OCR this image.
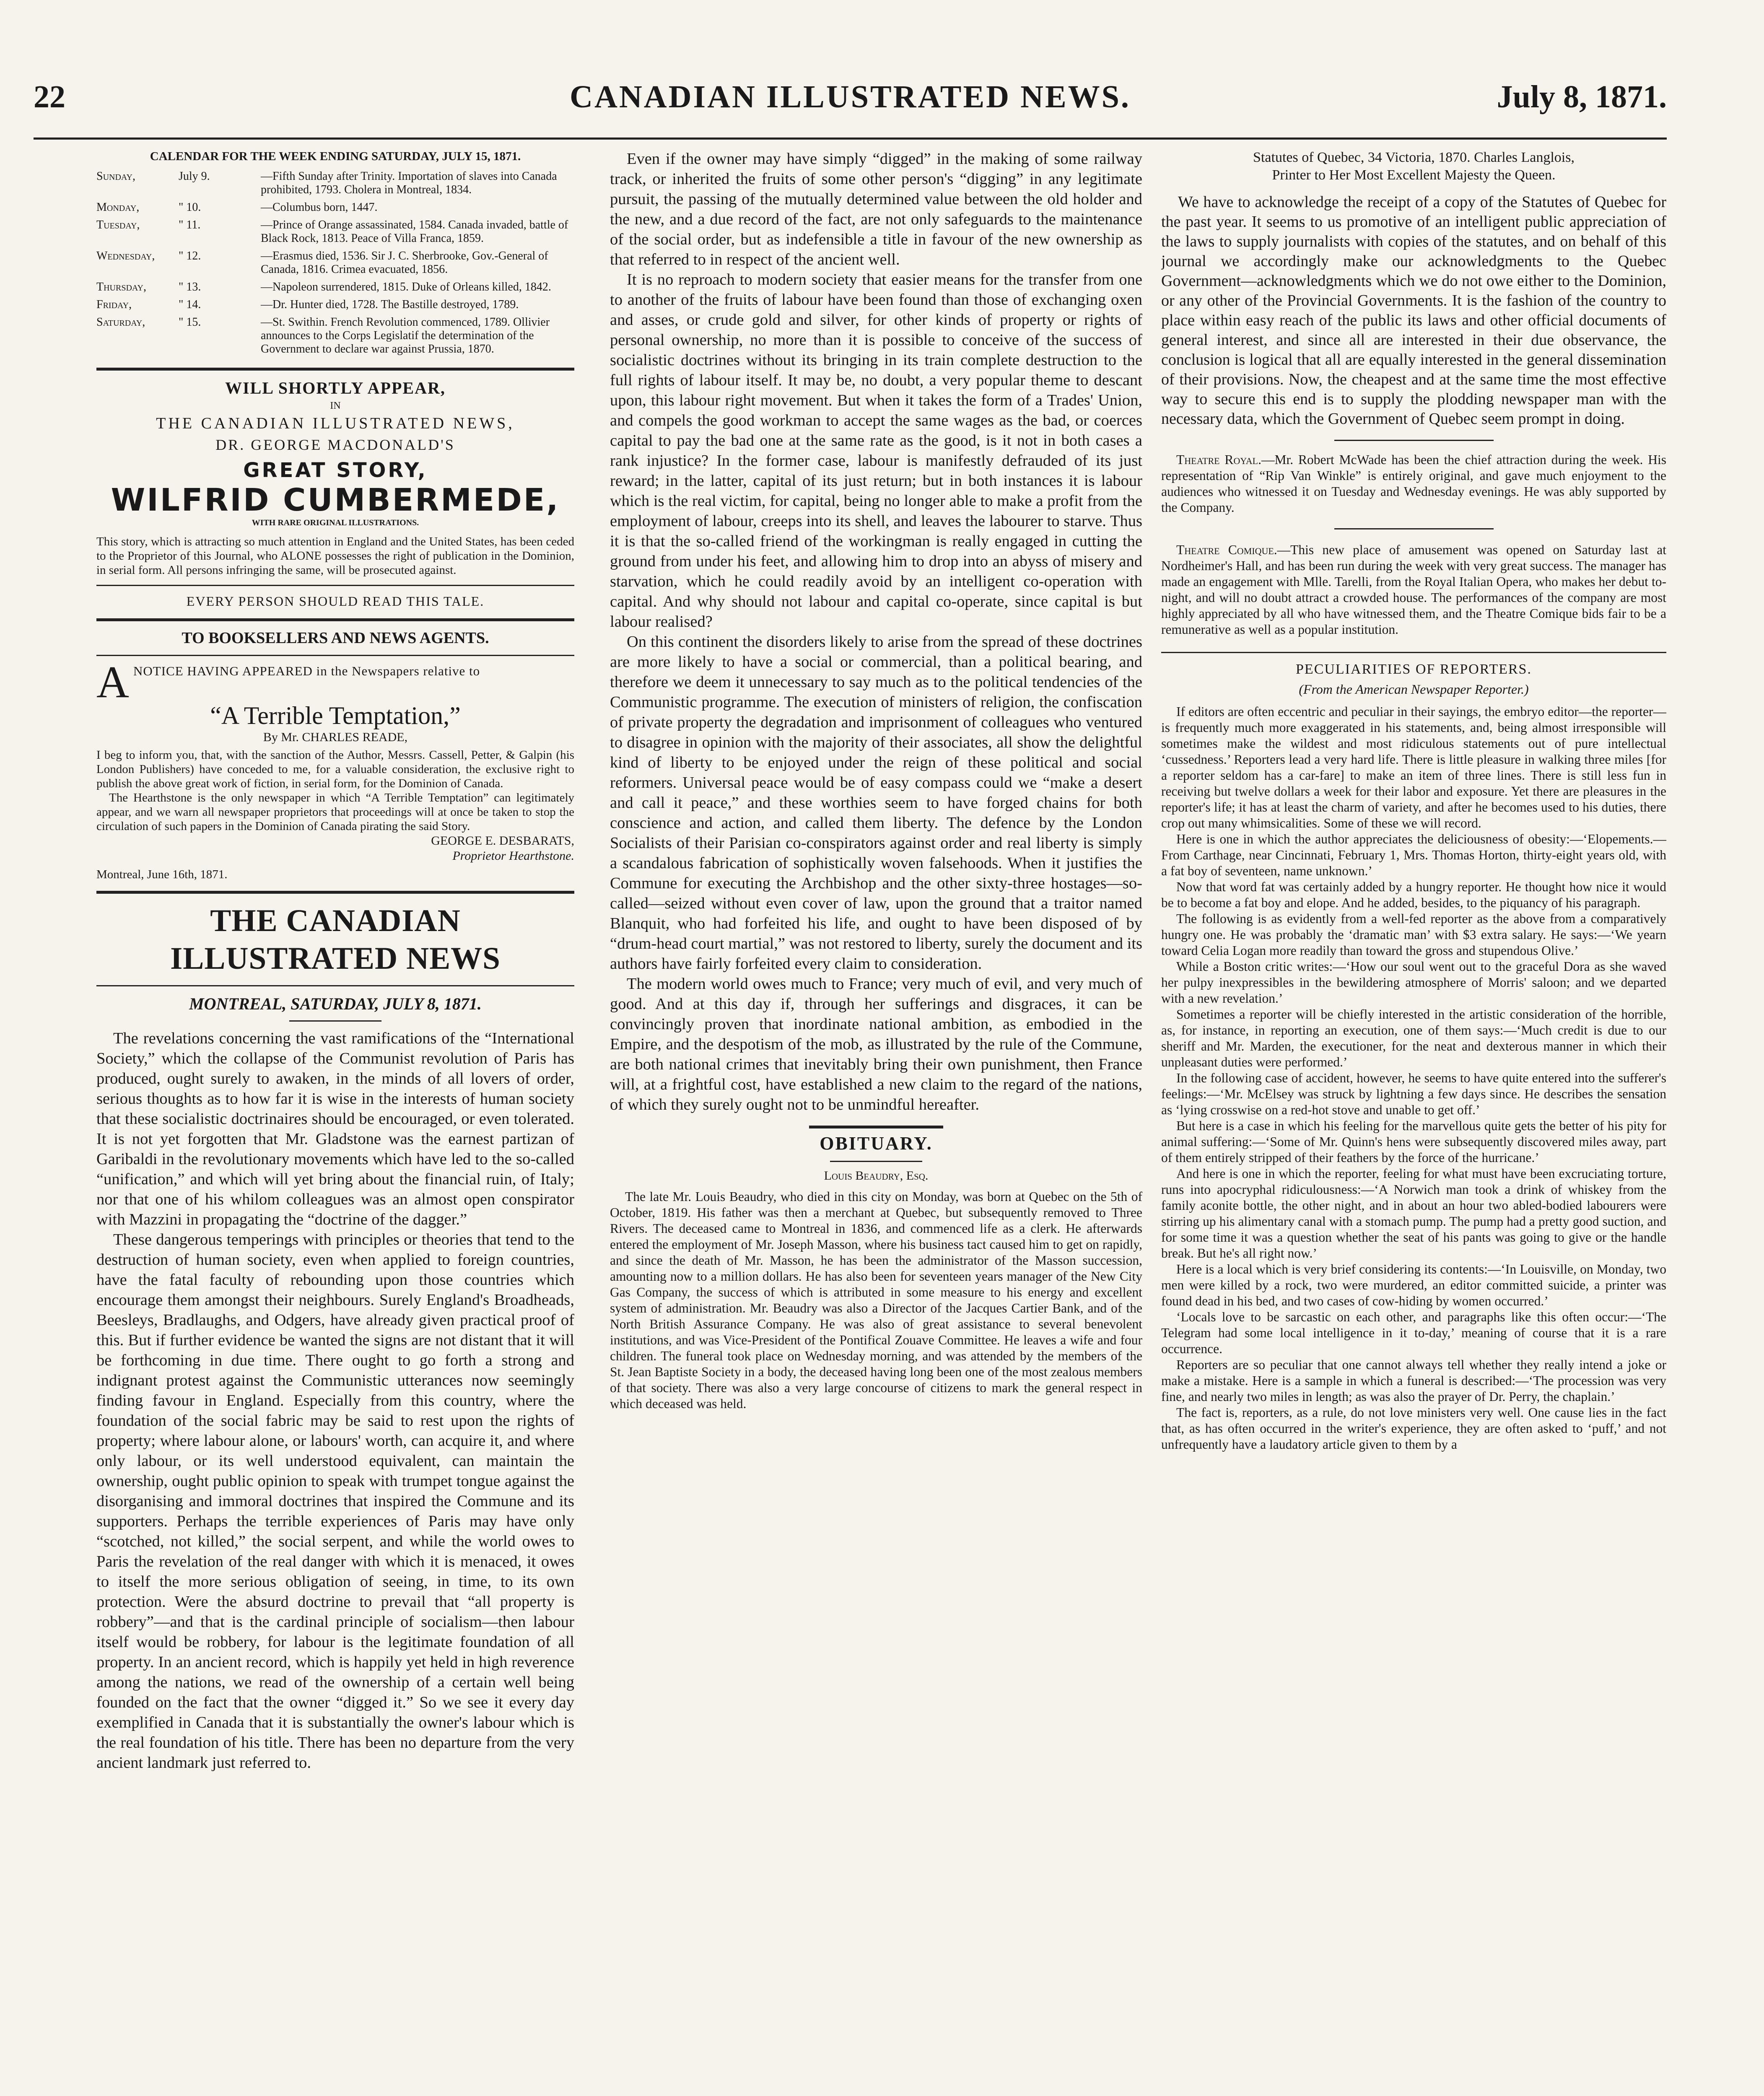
22	CANADIAN ILLUSTRATED NEWS.	July 8, 1871.
CALENDAR FOR THE WEEK ENDING SATURDAY, JULY 15, 1871.
Sunday,	July 9.	—Fifth Sunday after Trinity. Importation of slaves into Canada prohibited, 1793. Cholera in Montreal, 1834.
Monday,	" 10.	—Columbus born, 1447.
Tuesday,	" 11.	—Prince of Orange assassinated, 1584. Canada invaded, battle of Black Rock, 1813. Peace of Villa Franca, 1859.
Wednesday,	" 12.	—Erasmus died, 1536. Sir J. C. Sherbrooke, Gov.-General of Canada, 1816. Crimea evacuated, 1856.
Thursday,	" 13.	—Napoleon surrendered, 1815. Duke of Orleans killed, 1842.
Friday,	" 14.	—Dr. Hunter died, 1728. The Bastille destroyed, 1789.
Saturday,	" 15.	—St. Swithin. French Revolution commenced, 1789. Ollivier announces to the Corps Legislatif the determination of the Government to declare war against Prussia, 1870.
WILL SHORTLY APPEAR,
IN
THE CANADIAN ILLUSTRATED NEWS,
DR. GEORGE MACDONALD'S
GREAT STORY,
WILFRID CUMBERMEDE,
WITH RARE ORIGINAL ILLUSTRATIONS.
This story, which is attracting so much attention in England and the United States, has been ceded to the Proprietor of this Journal, who ALONE possesses the right of publication in the Dominion, in serial form. All persons infringing the same, will be prosecuted against.
EVERY PERSON SHOULD READ THIS TALE.
TO BOOKSELLERS AND NEWS AGENTS.
A NOTICE HAVING APPEARED in the Newspapers relative to
“A Terrible Temptation,”
By Mr. CHARLES READE,
I beg to inform you, that, with the sanction of the Author, Messrs. Cassell, Petter, & Galpin (his London Publishers) have conceded to me, for a valuable consideration, the exclusive right to publish the above great work of fiction, in serial form, for the Dominion of Canada.
The Hearthstone is the only newspaper in which “A Terrible Temptation” can legitimately appear, and we warn all newspaper proprietors that proceedings will at once be taken to stop the circulation of such papers in the Dominion of Canada pirating the said Story.
GEORGE E. DESBARATS,
Proprietor Hearthstone.
Montreal, June 16th, 1871.
THE CANADIAN ILLUSTRATED NEWS
MONTREAL, SATURDAY, JULY 8, 1871.

The revelations concerning the vast ramifications of the “International Society,” which the collapse of the Communist revolution of Paris has produced, ought surely to awaken, in the minds of all lovers of order, serious thoughts as to how far it is wise in the interests of human society that these socialistic doctrinaires should be encouraged, or even tolerated. It is not yet forgotten that Mr. Gladstone was the earnest partizan of Garibaldi in the revolutionary movements which have led to the so-called “unification,” and which will yet bring about the financial ruin, of Italy; nor that one of his whilom colleagues was an almost open conspirator with Mazzini in propagating the “doctrine of the dagger.”

These dangerous temperings with principles or theories that tend to the destruction of human society, even when applied to foreign countries, have the fatal faculty of rebounding upon those countries which encourage them amongst their neighbours. Surely England's Broadheads, Beesleys, Bradlaughs, and Odgers, have already given practical proof of this. But if further evidence be wanted the signs are not distant that it will be forthcoming in due time. There ought to go forth a strong and indignant protest against the Communistic utterances now seemingly finding favour in England. Especially from this country, where the foundation of the social fabric may be said to rest upon the rights of property; where labour alone, or labours' worth, can acquire it, and where only labour, or its well understood equivalent, can maintain the ownership, ought public opinion to speak with trumpet tongue against the disorganising and immoral doctrines that inspired the Commune and its supporters. Perhaps the terrible experiences of Paris may have only “scotched, not killed,” the social serpent, and while the world owes to Paris the revelation of the real danger with which it is menaced, it owes to itself the more serious obligation of seeing, in time, to its own protection. Were the absurd doctrine to prevail that “all property is robbery”—and that is the cardinal principle of socialism—then labour itself would be robbery, for labour is the legitimate foundation of all property. In an ancient record, which is happily yet held in high reverence among the nations, we read of the ownership of a certain well being founded on the fact that the owner “digged it.” So we see it every day exemplified in Canada that it is substantially the owner's labour which is the real foundation of his title. There has been no departure from the very ancient landmark just referred to.

Even if the owner may have simply “digged” in the making of some railway track, or inherited the fruits of some other person's “digging” in any legitimate pursuit, the passing of the mutually determined value between the old holder and the new, and a due record of the fact, are not only safeguards to the maintenance of the social order, but as indefensible a title in favour of the new ownership as that referred to in respect of the ancient well.

It is no reproach to modern society that easier means for the transfer from one to another of the fruits of labour have been found than those of exchanging oxen and asses, or crude gold and silver, for other kinds of property or rights of personal ownership, no more than it is possible to conceive of the success of socialistic doctrines without its bringing in its train complete destruction to the full rights of labour itself. It may be, no doubt, a very popular theme to descant upon, this labour right movement. But when it takes the form of a Trades' Union, and compels the good workman to accept the same wages as the bad, or coerces capital to pay the bad one at the same rate as the good, is it not in both cases a rank injustice? In the former case, labour is manifestly defrauded of its just reward; in the latter, capital of its just return; but in both instances it is labour which is the real victim, for capital, being no longer able to make a profit from the employment of labour, creeps into its shell, and leaves the labourer to starve. Thus it is that the so-called friend of the workingman is really engaged in cutting the ground from under his feet, and allowing him to drop into an abyss of misery and starvation, which he could readily avoid by an intelligent co-operation with capital. And why should not labour and capital co-operate, since capital is but labour realised?

On this continent the disorders likely to arise from the spread of these doctrines are more likely to have a social or commercial, than a political bearing, and therefore we deem it unnecessary to say much as to the political tendencies of the Communistic programme. The execution of ministers of religion, the confiscation of private property the degradation and imprisonment of colleagues who ventured to disagree in opinion with the majority of their associates, all show the delightful kind of liberty to be enjoyed under the reign of these political and social reformers. Universal peace would be of easy compass could we “make a desert and call it peace,” and these worthies seem to have forged chains for both conscience and action, and called them liberty. The defence by the London Socialists of their Parisian co-conspirators against order and real liberty is simply a scandalous fabrication of sophistically woven falsehoods. When it justifies the Commune for executing the Archbishop and the other sixty-three hostages—so-called—seized without even cover of law, upon the ground that a traitor named Blanquit, who had forfeited his life, and ought to have been disposed of by “drum-head court martial,” was not restored to liberty, surely the document and its authors have fairly forfeited every claim to consideration.

The modern world owes much to France; very much of evil, and very much of good. And at this day if, through her sufferings and disgraces, it can be convincingly proven that inordinate national ambition, as embodied in the Empire, and the despotism of the mob, as illustrated by the rule of the Commune, are both national crimes that inevitably bring their own punishment, then France will, at a frightful cost, have established a new claim to the regard of the nations, of which they surely ought not to be unmindful hereafter.

OBITUARY.
Louis Beaudry, Esq.

The late Mr. Louis Beaudry, who died in this city on Monday, was born at Quebec on the 5th of October, 1819. His father was then a merchant at Quebec, but subsequently removed to Three Rivers. The deceased came to Montreal in 1836, and commenced life as a clerk. He afterwards entered the employment of Mr. Joseph Masson, where his business tact caused him to get on rapidly, and since the death of Mr. Masson, he has been the administrator of the Masson succession, amounting now to a million dollars. He has also been for seventeen years manager of the New City Gas Company, the success of which is attributed in some measure to his energy and excellent system of administration. Mr. Beaudry was also a Director of the Jacques Cartier Bank, and of the North British Assurance Company. He was also of great assistance to several benevolent institutions, and was Vice-President of the Pontifical Zouave Committee. He leaves a wife and four children. The funeral took place on Wednesday morning, and was attended by the members of the St. Jean Baptiste Society in a body, the deceased having long been one of the most zealous members of that society. There was also a very large concourse of citizens to mark the general respect in which deceased was held.

Statutes of Quebec, 34 Victoria, 1870. Charles Langlois,
Printer to Her Most Excellent Majesty the Queen.

We have to acknowledge the receipt of a copy of the Statutes of Quebec for the past year. It seems to us promotive of an intelligent public appreciation of the laws to supply journalists with copies of the statutes, and on behalf of this journal we accordingly make our acknowledgments to the Quebec Government—acknowledgments which we do not owe either to the Dominion, or any other of the Provincial Governments. It is the fashion of the country to place within easy reach of the public its laws and other official documents of general interest, and since all are interested in their due observance, the conclusion is logical that all are equally interested in the general dissemination of their provisions. Now, the cheapest and at the same time the most effective way to secure this end is to supply the plodding newspaper man with the necessary data, which the Government of Quebec seem prompt in doing.

Theatre Royal.—Mr. Robert McWade has been the chief attraction during the week. His representation of “Rip Van Winkle” is entirely original, and gave much enjoyment to the audiences who witnessed it on Tuesday and Wednesday evenings. He was ably supported by the Company.

Theatre Comique.—This new place of amusement was opened on Saturday last at Nordheimer's Hall, and has been run during the week with very great success. The manager has made an engagement with Mlle. Tarelli, from the Royal Italian Opera, who makes her debut to-night, and will no doubt attract a crowded house. The performances of the company are most highly appreciated by all who have witnessed them, and the Theatre Comique bids fair to be a remunerative as well as a popular institution.

PECULIARITIES OF REPORTERS.
(From the American Newspaper Reporter.)

If editors are often eccentric and peculiar in their sayings, the embryo editor—the reporter—is frequently much more exaggerated in his statements, and, being almost irresponsible will sometimes make the wildest and most ridiculous statements out of pure intellectual ‘cussedness.’ Reporters lead a very hard life. There is little pleasure in walking three miles [for a reporter seldom has a car-fare] to make an item of three lines. There is still less fun in receiving but twelve dollars a week for their labor and exposure. Yet there are pleasures in the reporter's life; it has at least the charm of variety, and after he becomes used to his duties, there crop out many whimsicalities. Some of these we will record.

Here is one in which the author appreciates the deliciousness of obesity:—‘Elopements.—From Carthage, near Cincinnati, February 1, Mrs. Thomas Horton, thirty-eight years old, with a fat boy of seventeen, name unknown.’

Now that word fat was certainly added by a hungry reporter. He thought how nice it would be to become a fat boy and elope. And he added, besides, to the piquancy of his paragraph.

The following is as evidently from a well-fed reporter as the above from a comparatively hungry one. He was probably the ‘dramatic man’ with $3 extra salary. He says:—‘We yearn toward Celia Logan more readily than toward the gross and stupendous Olive.’

While a Boston critic writes:—‘How our soul went out to the graceful Dora as she waved her pulpy inexpressibles in the bewildering atmosphere of Morris' saloon; and we departed with a new revelation.’

Sometimes a reporter will be chiefly interested in the artistic consideration of the horrible, as, for instance, in reporting an execution, one of them says:—‘Much credit is due to our sheriff and Mr. Marden, the executioner, for the neat and dexterous manner in which their unpleasant duties were performed.’

In the following case of accident, however, he seems to have quite entered into the sufferer's feelings:—‘Mr. McElsey was struck by lightning a few days since. He describes the sensation as ‘lying crosswise on a red-hot stove and unable to get off.’

But here is a case in which his feeling for the marvellous quite gets the better of his pity for animal suffering:—‘Some of Mr. Quinn's hens were subsequently discovered miles away, part of them entirely stripped of their feathers by the force of the hurricane.’

And here is one in which the reporter, feeling for what must have been excruciating torture, runs into apocryphal ridiculousness:—‘A Norwich man took a drink of whiskey from the family aconite bottle, the other night, and in about an hour two abled-bodied labourers were stirring up his alimentary canal with a stomach pump. The pump had a pretty good suction, and for some time it was a question whether the seat of his pants was going to give or the handle break. But he's all right now.’

Here is a local which is very brief considering its contents:—‘In Louisville, on Monday, two men were killed by a rock, two were murdered, an editor committed suicide, a printer was found dead in his bed, and two cases of cow-hiding by women occurred.’

‘Locals love to be sarcastic on each other, and paragraphs like this often occur:—‘The Telegram had some local intelligence in it to-day,’ meaning of course that it is a rare occurrence.

Reporters are so peculiar that one cannot always tell whether they really intend a joke or make a mistake. Here is a sample in which a funeral is described:—‘The procession was very fine, and nearly two miles in length; as was also the prayer of Dr. Perry, the chaplain.’

The fact is, reporters, as a rule, do not love ministers very well. One cause lies in the fact that, as has often occurred in the writer's experience, they are often asked to ‘puff,’ and not unfrequently have a laudatory article given to them by a
